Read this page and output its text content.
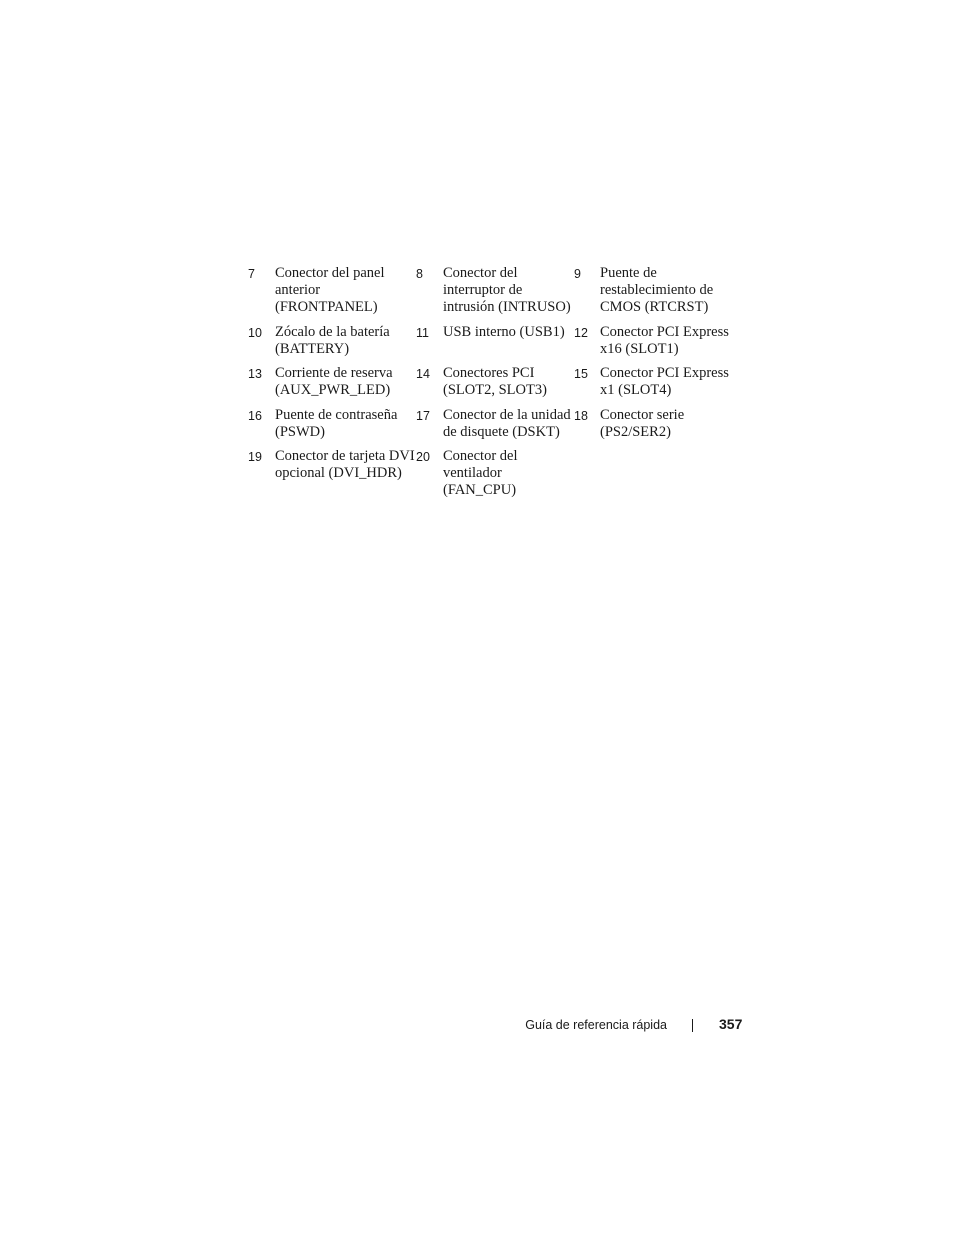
7	Conector del panel anterior (FRONTPANEL)	8	Conector del interruptor de intrusión (INTRUSO)	9	Puente de restablecimiento de CMOS (RTCRST)
10	Zócalo de la batería (BATTERY)	11	USB interno (USB1)	12	Conector PCI Express x16 (SLOT1)
13	Corriente de reserva (AUX_PWR_LED)	14	Conectores PCI (SLOT2, SLOT3)	15	Conector PCI Express x1 (SLOT4)
16	Puente de contraseña (PSWD)	17	Conector de la unidad de disquete (DSKT)	18	Conector serie (PS2/SER2)
19	Conector de tarjeta DVI opcional (DVI_HDR)	20	Conector del ventilador (FAN_CPU)		
Guía de referencia rápida	357
